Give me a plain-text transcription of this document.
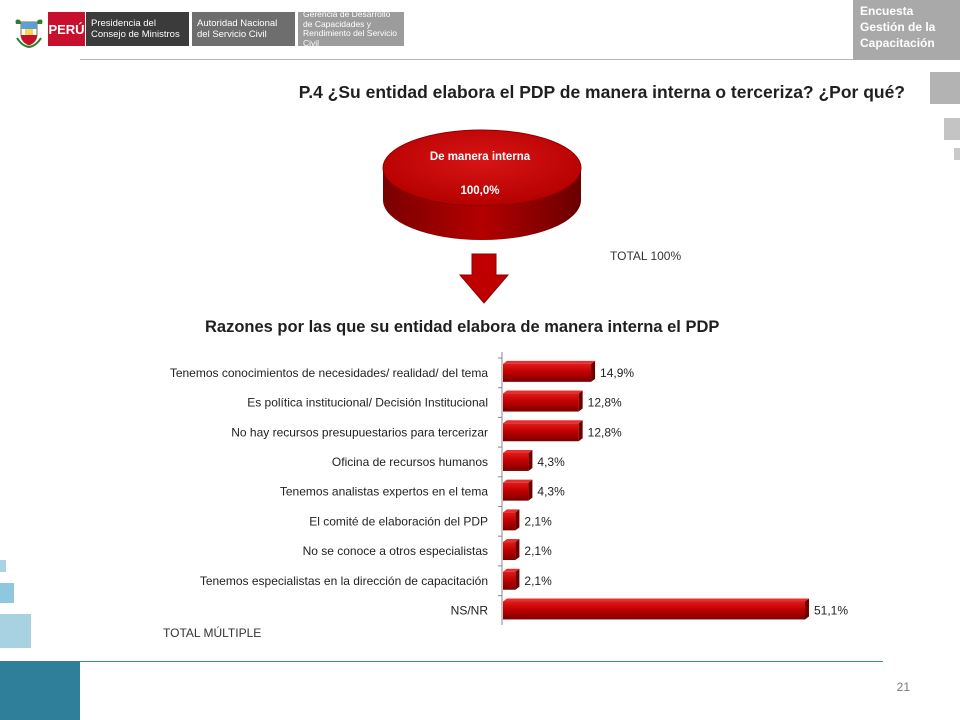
PERÚ Presidencia del Consejo de Ministros
Autoridad Nacional del Servicio Civil
Gerencia de Desarrollo de Capacidades y Rendimiento del Servicio Civil
Encuesta
Gestión de la
Capacitación
P.4 ¿Su entidad elabora el PDP de manera interna o terceriza? ¿Por qué?
De manera interna
100,0%
TOTAL 100%
Razones por las que su entidad elabora de manera interna el PDP
Tenemos conocimientos de necesidades/ realidad/ del tema	14,9%
Es política institucional/ Decisión Institucional	12,8%
No hay recursos presupuestarios para tercerizar	12,8%
Oficina de recursos humanos	4,3%
Tenemos analistas expertos en el tema	4,3%
El comité de elaboración del PDP	2,1%
No se conoce a otros especialistas	2,1%
Tenemos especialistas en la dirección de capacitación	2,1%
NS/NR	51,1%
TOTAL MÚLTIPLE
21
